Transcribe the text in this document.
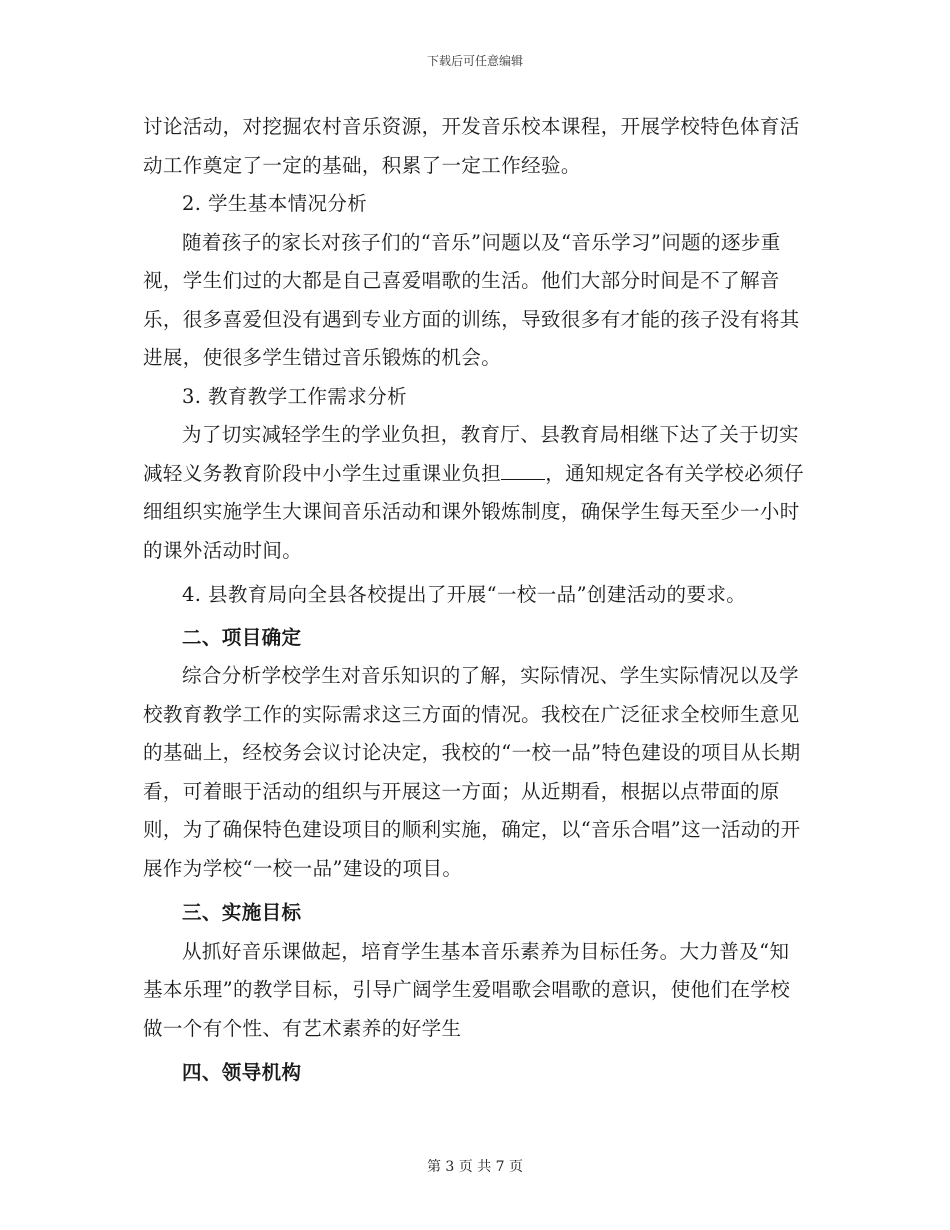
下载后可任意编辑

讨论活动，对挖掘农村音乐资源，开发音乐校本课程，开展学校特色体育活动工作奠定了一定的基础，积累了一定工作经验。

2. 学生基本情况分析

随着孩子的家长对孩子们的“音乐”问题以及“音乐学习”问题的逐步重视，学生们过的大都是自己喜爱唱歌的生活。他们大部分时间是不了解音乐，很多喜爱但没有遇到专业方面的训练，导致很多有才能的孩子没有将其进展，使很多学生错过音乐锻炼的机会。

3. 教育教学工作需求分析

为了切实减轻学生的学业负担，教育厅、县教育局相继下达了关于切实减轻义务教育阶段中小学生过重课业负担 ，通知规定各有关学校必须仔细组织实施学生大课间音乐活动和课外锻炼制度，确保学生每天至少一小时的课外活动时间。

4. 县教育局向全县各校提出了开展“一校一品”创建活动的要求。

二、项目确定

综合分析学校学生对音乐知识的了解，实际情况、学生实际情况以及学校教育教学工作的实际需求这三方面的情况。我校在广泛征求全校师生意见的基础上，经校务会议讨论决定，我校的“一校一品”特色建设的项目从长期看，可着眼于活动的组织与开展这一方面；从近期看，根据以点带面的原则，为了确保特色建设项目的顺利实施，确定，以“音乐合唱”这一活动的开展作为学校“一校一品”建设的项目。

三、实施目标

从抓好音乐课做起，培育学生基本音乐素养为目标任务。大力普及“知基本乐理”的教学目标，引导广阔学生爱唱歌会唱歌的意识，使他们在学校做一个有个性、有艺术素养的好学生

四、领导机构

第 3 页 共 7 页
